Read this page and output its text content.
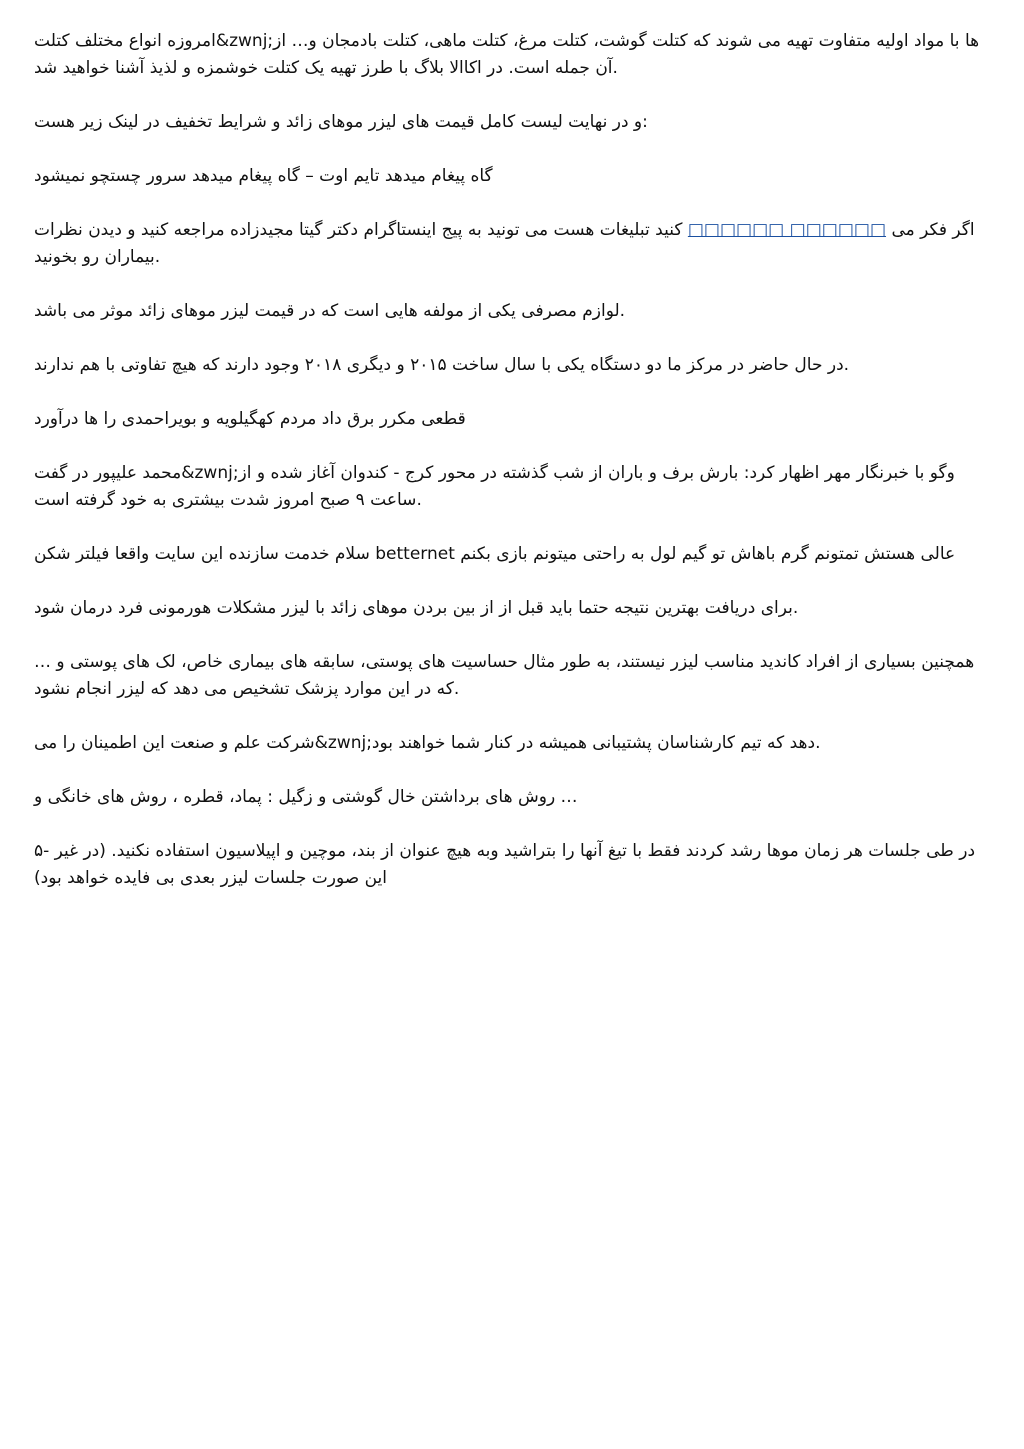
امروزه انواع مختلف کتلت&zwnj;ها با مواد اولیه متفاوت تهیه می شوند که کتلت گوشت، کتلت مرغ، کتلت ماهی، کتلت بادمجان و… از آن جمله است. در اکاالا بلاگ با طرز تهیه یک کتلت خوشمزه و لذیذ آشنا خواهید شد.

و در نهایت لیست کامل قیمت های لیزر موهای زائد و شرایط تخفیف در لینک زیر هست:

گاه پیغام میدهد تایم اوت – گاه پیغام میدهد سرور چستچو نمیشود

اگر فکر می □□□□□□ □□□□□□ کنید تبلیغات هست می تونید به پیج اینستاگرام دکتر گیتا مجیدزاده مراجعه کنید و دیدن نظرات بیماران رو بخونید.

لوازم مصرفی یکی از مولفه هایی است که در قیمت لیزر موهای زائد موثر می باشد.

در حال حاضر در مرکز ما دو دستگاه یکی با سال ساخت ۲۰۱۵ و دیگری ۲۰۱۸ وجود دارند که هیچ تفاوتی با هم ندارند.

قطعی مکرر برق داد مردم کهگیلویه و بویراحمدی را ها درآورد

محمد علیپور در گفت&zwnj;وگو با خبرنگار مهر اظهار کرد: بارش برف و باران از شب گذشته در محور کرج - کندوان آغاز شده و از ساعت ۹ صبح امروز شدت بیشتری به خود گرفته است.

سلام خدمت سازنده این سایت واقعا فیلتر شکن betternet عالی هستش تمتونم گرم باهاش تو گیم لول به راحتی میتونم بازی بکنم

برای دریافت بهترین نتیجه حتما باید قبل از از بین بردن موهای زائد با لیزر مشکلات هورمونی فرد درمان شود.

همچنین بسیاری از افراد کاندید مناسب لیزر نیستند، به طور مثال حساسیت های پوستی، سابقه های بیماری خاص، لک های پوستی و … که در این موارد پزشک تشخیص می دهد که لیزر انجام نشود.

شرکت علم و صنعت این اطمینان را می&zwnj;دهد که تیم کارشناسان پشتیبانی همیشه در کنار شما خواهند بود.

روش های برداشتن خال گوشتی و زگیل : پماد، قطره ، روش های خانگی و …

۵- در طی جلسات هر زمان موها رشد کردند فقط با تیغ آنها را بتراشید وبه هیچ عنوان از بند، موچین و اپیلاسیون استفاده نکنید. (در غیر این صورت جلسات لیزر بعدی بی فایده خواهد بود)
